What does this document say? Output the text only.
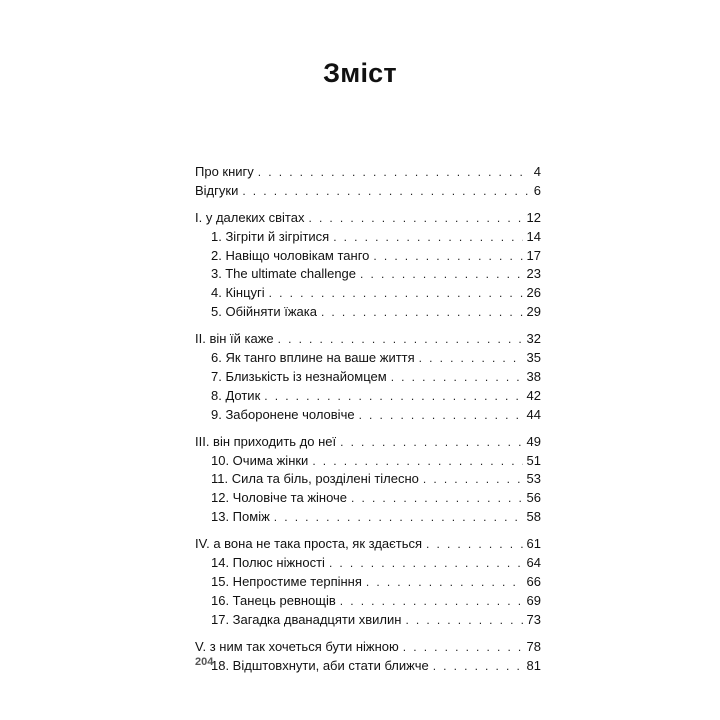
Зміст
Про книгу . . .	4
Відгуки . . .	6
I. у далеких світах . . .	12
1. Зігріти й зігрітися . . .	14
2. Навіщо чоловікам танго . . .	17
3. The ultimate challenge . . .	23
4. Кінцугі . . .	26
5. Обійняти їжака . . .	29
II. він їй каже . . .	32
6. Як танго вплине на ваше життя . . .	35
7. Близькість із незнайомцем . . .	38
8. Дотик . . .	42
9. Заборонене чоловіче . . .	44
III. він приходить до неї . . .	49
10. Очима жінки . . .	51
11. Сила та біль, розділені тілесно . . .	53
12. Чоловіче та жіноче . . .	56
13. Поміж . . .	58
IV. а вона не така проста, як здається . . .	61
14. Полюс ніжності . . .	64
15. Непростиме терпіння . . .	66
16. Танець ревнощів . . .	69
17. Загадка дванадцяти хвилин . . .	73
V. з ним так хочеться бути ніжною . . .	78
18. Відштовхнути, аби стати ближче . . .	81
204
